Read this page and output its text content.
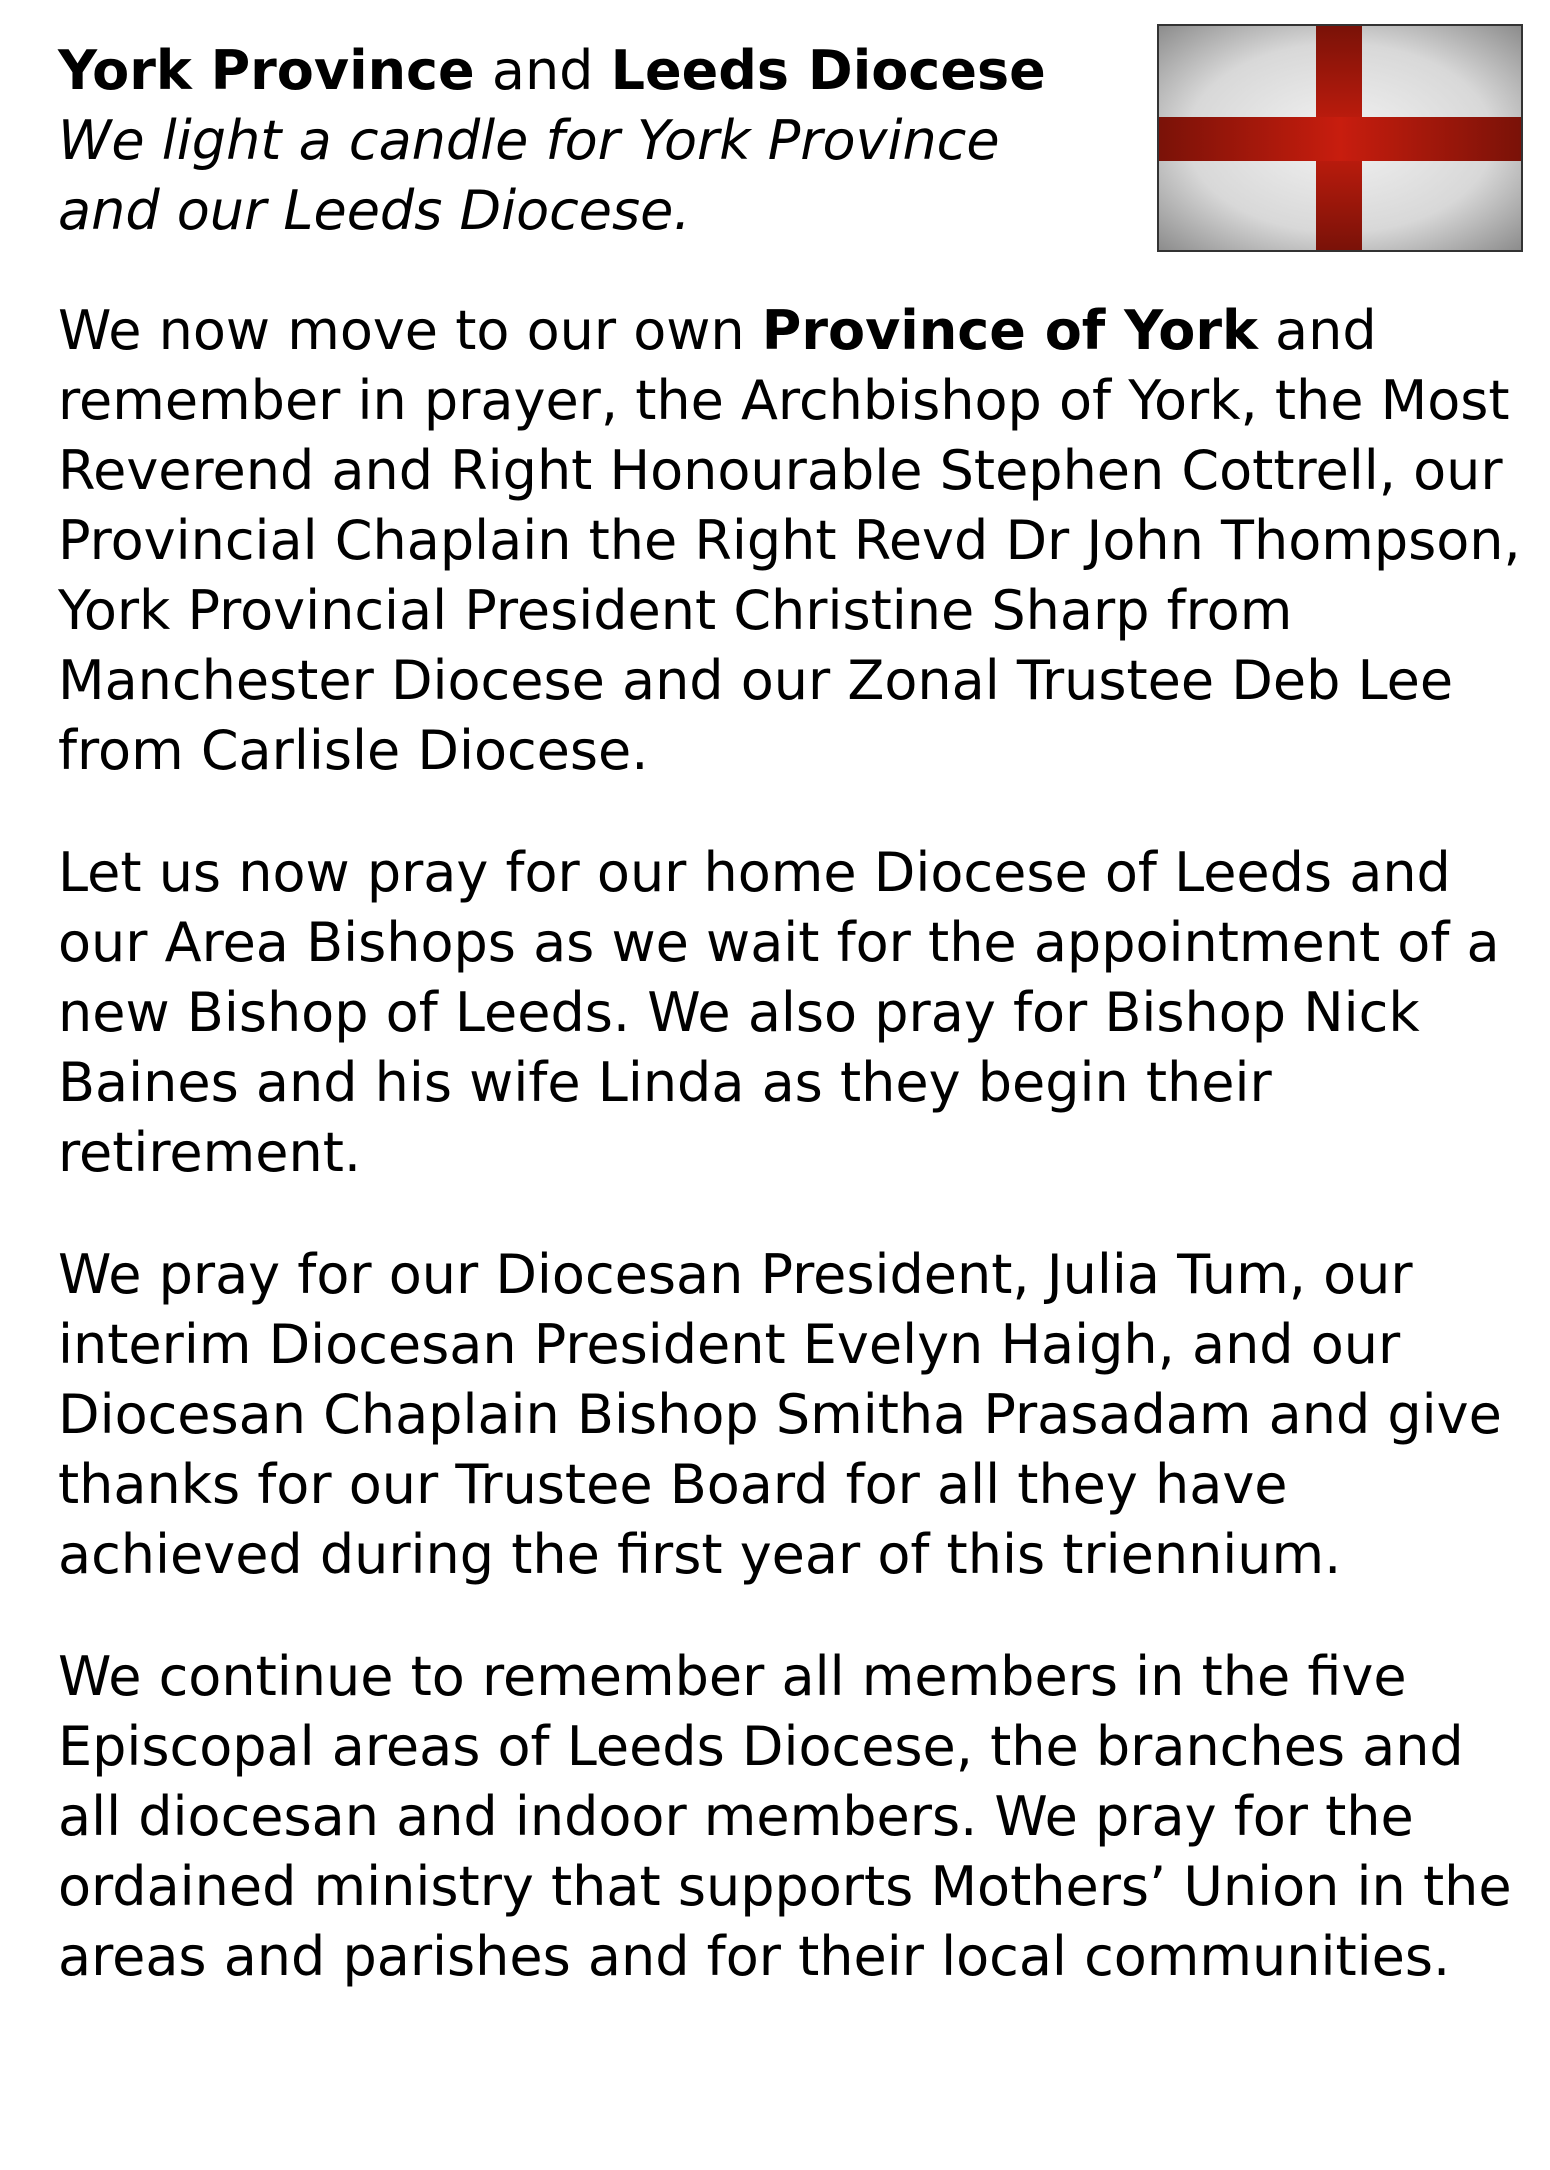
York Province and Leeds Diocese
We light a candle for York Province and our Leeds Diocese.

We now move to our own Province of York and remember in prayer, the Archbishop of York, the Most Reverend and Right Honourable Stephen Cottrell, our Provincial Chaplain the Right Revd Dr John Thompson, York Provincial President Christine Sharp from Manchester Diocese and our Zonal Trustee Deb Lee from Carlisle Diocese.

Let us now pray for our home Diocese of Leeds and our Area Bishops as we wait for the appointment of a new Bishop of Leeds. We also pray for Bishop Nick Baines and his wife Linda as they begin their retirement.

We pray for our Diocesan President, Julia Tum, our interim Diocesan President Evelyn Haigh, and our Diocesan Chaplain Bishop Smitha Prasadam and give thanks for our Trustee Board for all they have achieved during the first year of this triennium.

We continue to remember all members in the five Episcopal areas of Leeds Diocese, the branches and all diocesan and indoor members. We pray for the ordained ministry that supports Mothers’ Union in the areas and parishes and for their local communities.
